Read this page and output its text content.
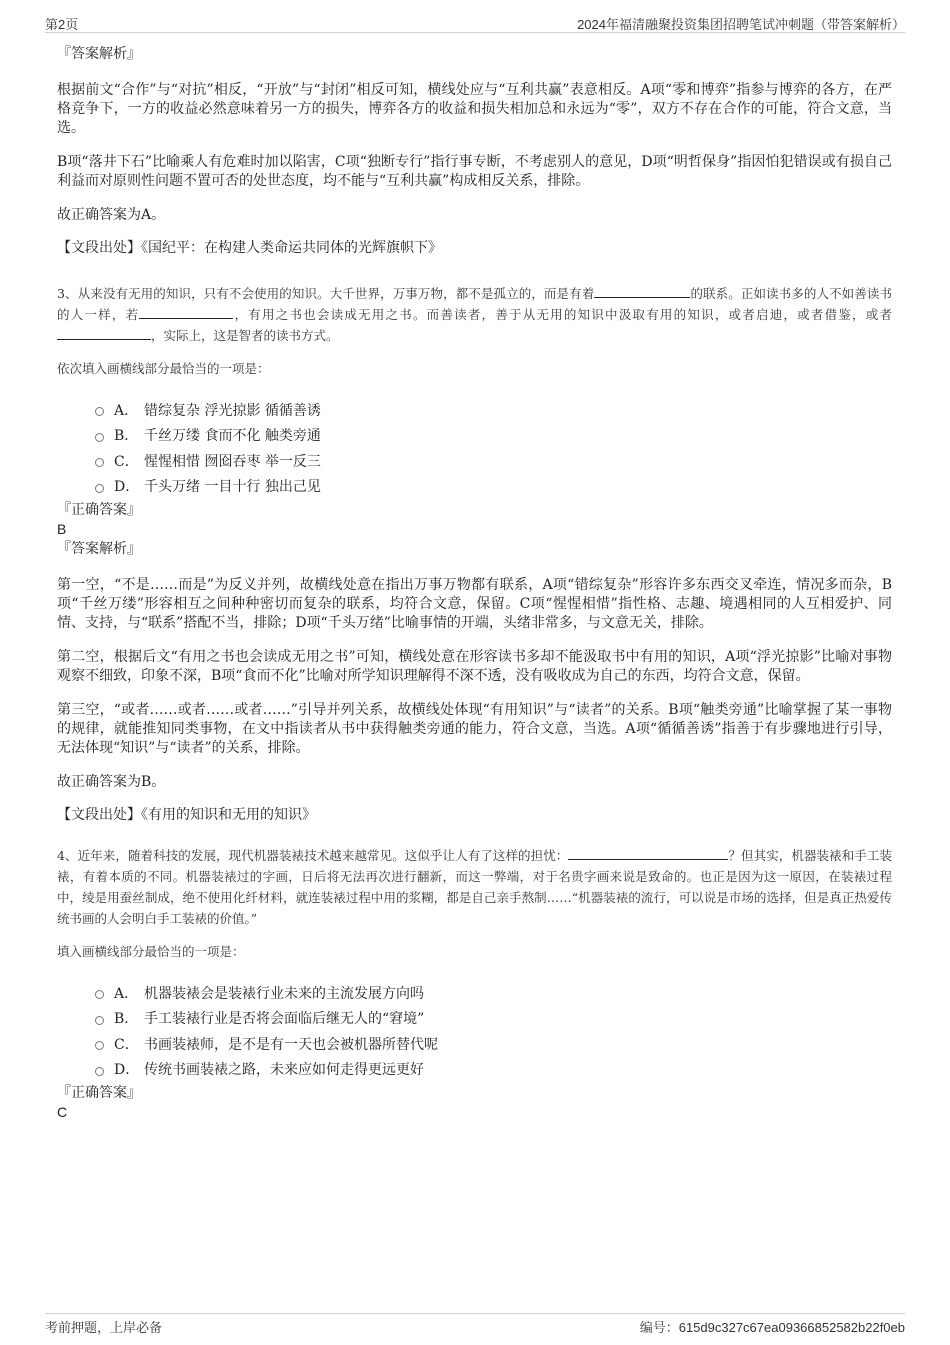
第2页	2024年福清融聚投资集团招聘笔试冲刺题（带答案解析）
『答案解析』

根据前文“合作”与“对抗”相反，“开放”与“封闭”相反可知，横线处应与“互利共赢”表意相反。A项“零和博弈”指参与博弈的各方，在严格竞争下，一方的收益必然意味着另一方的损失，博弈各方的收益和损失相加总和永远为“零”，双方不存在合作的可能，符合文意，当选。

B项“落井下石”比喻乘人有危难时加以陷害，C项“独断专行”指行事专断，不考虑别人的意见，D项“明哲保身”指因怕犯错误或有损自己利益而对原则性问题不置可否的处世态度，均不能与“互利共赢”构成相反关系，排除。

故正确答案为A。

【文段出处】《国纪平：在构建人类命运共同体的光辉旗帜下》

3、从来没有无用的知识，只有不会使用的知识。大千世界，万事万物，都不是孤立的，而是有着	的联系。正如读书多的人不如善读书的人一样，若	，有用之书也会读成无用之书。而善读者，善于从无用的知识中汲取有用的知识，或者启迪，或者借鉴，或者，实际上，这是智者的读书方式。

依次填入画横线部分最恰当的一项是：
A． 错综复杂 浮光掠影 循循善诱
B． 千丝万缕 食而不化 触类旁通
C． 惺惺相惜 囫囵吞枣 举一反三
D． 千头万绪 一目十行 独出己见
『正确答案』
B
『答案解析』

第一空，“不是……而是”为反义并列，故横线处意在指出万事万物都有联系，A项“错综复杂”形容许多东西交叉牵连，情况多而杂，B项“千丝万缕”形容相互之间种种密切而复杂的联系，均符合文意，保留。C项“惺惺相惜”指性格、志趣、境遇相同的人互相爱护、同情、支持，与“联系”搭配不当，排除；D项“千头万绪”比喻事情的开端，头绪非常多，与文意无关，排除。

第二空，根据后文“有用之书也会读成无用之书”可知，横线处意在形容读书多却不能汲取书中有用的知识，A项“浮光掠影”比喻对事物观察不细致，印象不深，B项“食而不化”比喻对所学知识理解得不深不透，没有吸收成为自己的东西，均符合文意，保留。

第三空，“或者……或者……或者……”引导并列关系，故横线处体现“有用知识”与“读者”的关系。B项“触类旁通”比喻掌握了某一事物的规律，就能推知同类事物，在文中指读者从书中获得触类旁通的能力，符合文意，当选。A项“循循善诱”指善于有步骤地进行引导，无法体现“知识”与“读者”的关系，排除。

故正确答案为B。

【文段出处】《有用的知识和无用的知识》

4、近年来，随着科技的发展，现代机器装裱技术越来越常见。这似乎让人有了这样的担忧：	？但其实，机器装裱和手工装裱，有着本质的不同。机器装裱过的字画，日后将无法再次进行翻新，而这一弊端，对于名贵字画来说是致命的。也正是因为这一原因，在装裱过程中，绫是用蚕丝制成，绝不使用化纤材料，就连装裱过程中用的浆糊，都是自己亲手熬制……“机器装裱的流行，可以说是市场的选择，但是真正热爱传统书画的人会明白手工装裱的价值。”

填入画横线部分最恰当的一项是：
A． 机器装裱会是装裱行业未来的主流发展方向吗
B． 手工装裱行业是否将会面临后继无人的“窘境”
C． 书画装裱师，是不是有一天也会被机器所替代呢
D． 传统书画装裱之路，未来应如何走得更远更好
『正确答案』
C
考前押题，上岸必备	编号：615d9c327c67ea09366852582b22f0eb
